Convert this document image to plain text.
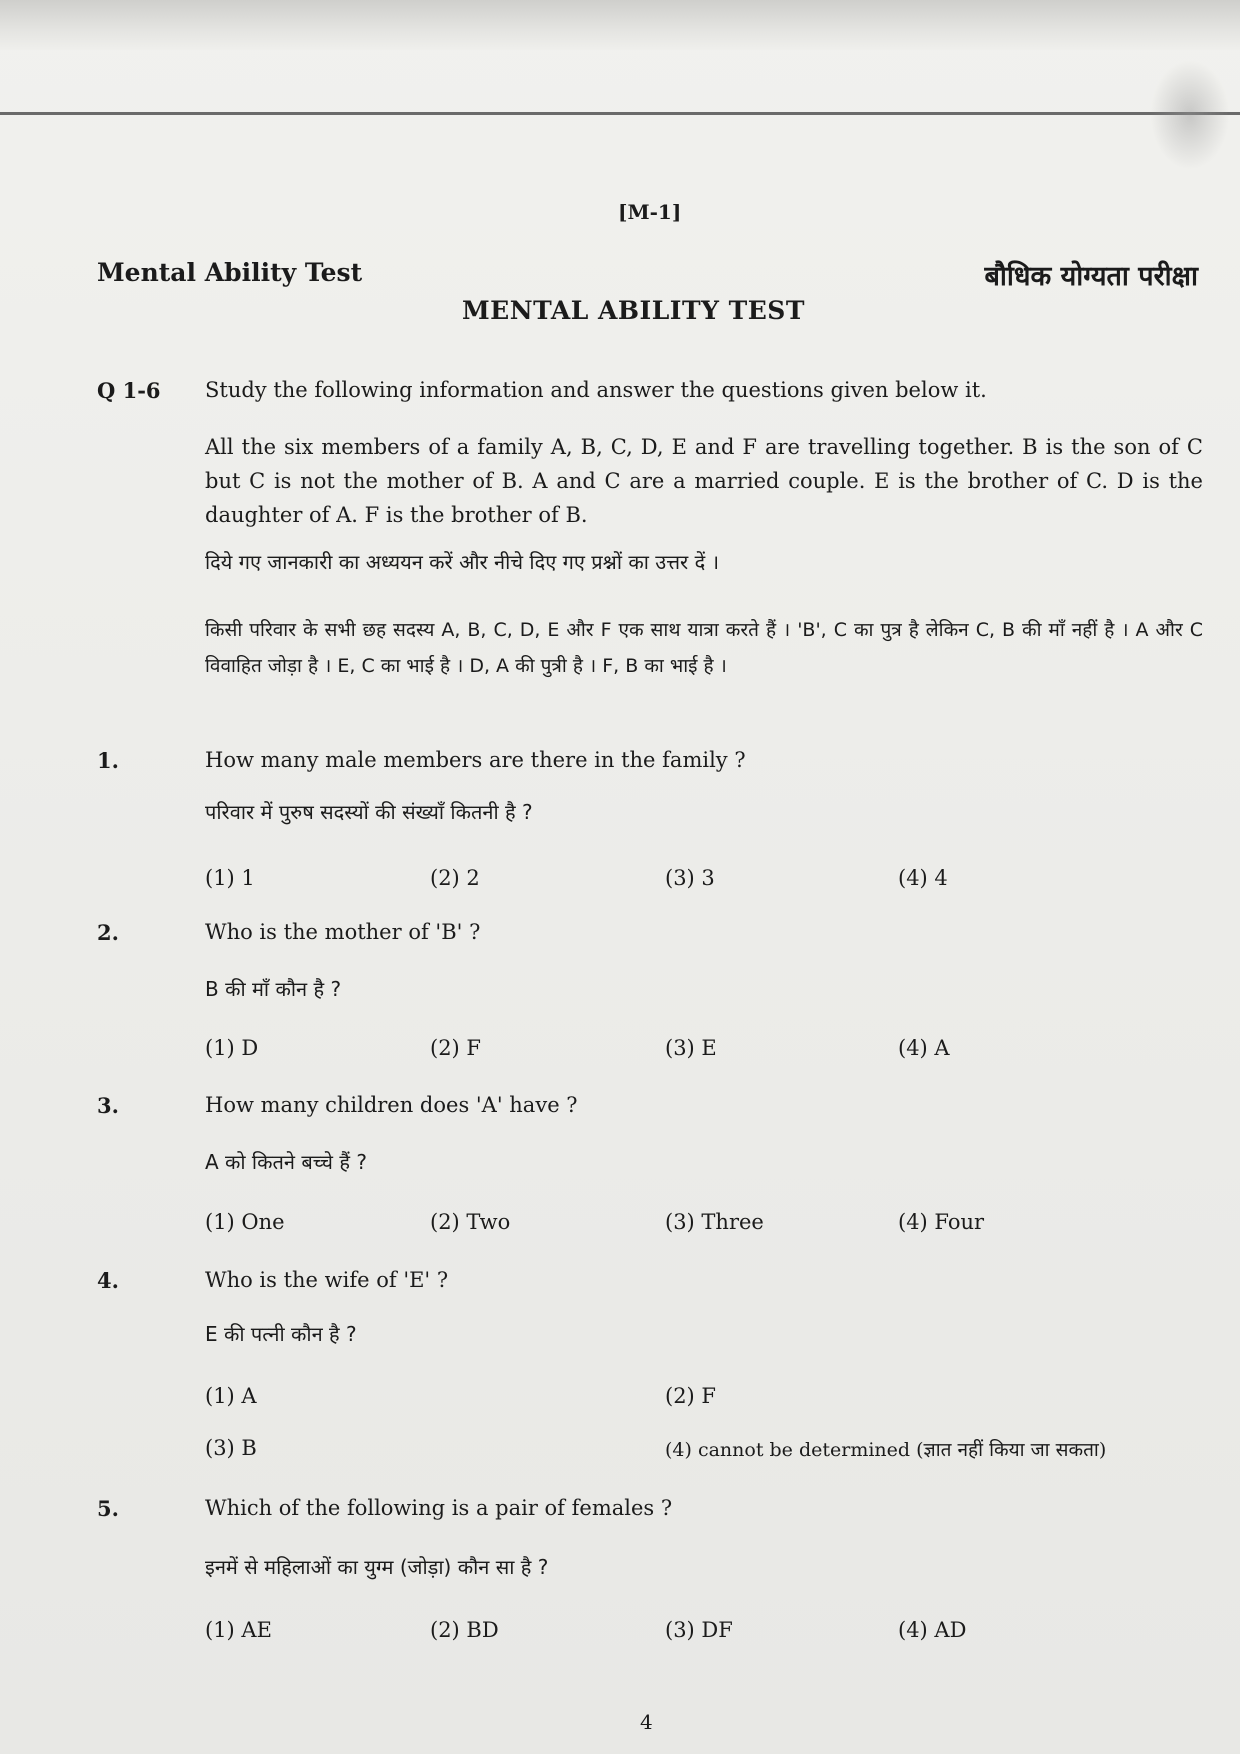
[M-1]
Mental Ability Test	बौधिक योग्यता परीक्षा
MENTAL ABILITY TEST
Q 1-6 Study the following information and answer the questions given below it.
All the six members of a family A, B, C, D, E and F are travelling together. B is the son of C but C is not the mother of B. A and C are a married couple. E is the brother of C. D is the daughter of A. F is the brother of B.
दिये गए जानकारी का अध्ययन करें और नीचे दिए गए प्रश्नों का उत्तर दें ।
किसी परिवार के सभी छह सदस्य A, B, C, D, E और F एक साथ यात्रा करते हैं । 'B', C का पुत्र है लेकिन C, B की माँ नहीं है । A और C विवाहित जोड़ा है । E, C का भाई है । D, A की पुत्री है । F, B का भाई है ।
1.	How many male members are there in the family ?
परिवार में पुरुष सदस्यों की संख्याँ कितनी है ?
(1) 1	(2) 2	(3) 3	(4) 4
2.	Who is the mother of 'B' ?
B की माँ कौन है ?
(1) D	(2) F	(3) E	(4) A
3.	How many children does 'A' have ?
A को कितने बच्चे हैं ?
(1) One	(2) Two	(3) Three	(4) Four
4.	Who is the wife of 'E' ?
E की पत्नी कौन है ?
(1) A	(2) F
(3) B	(4) cannot be determined (ज्ञात नहीं किया जा सकता)
5.	Which of the following is a pair of females ?
इनमें से महिलाओं का युग्म (जोड़ा) कौन सा है ?
(1) AE	(2) BD	(3) DF	(4) AD
4
